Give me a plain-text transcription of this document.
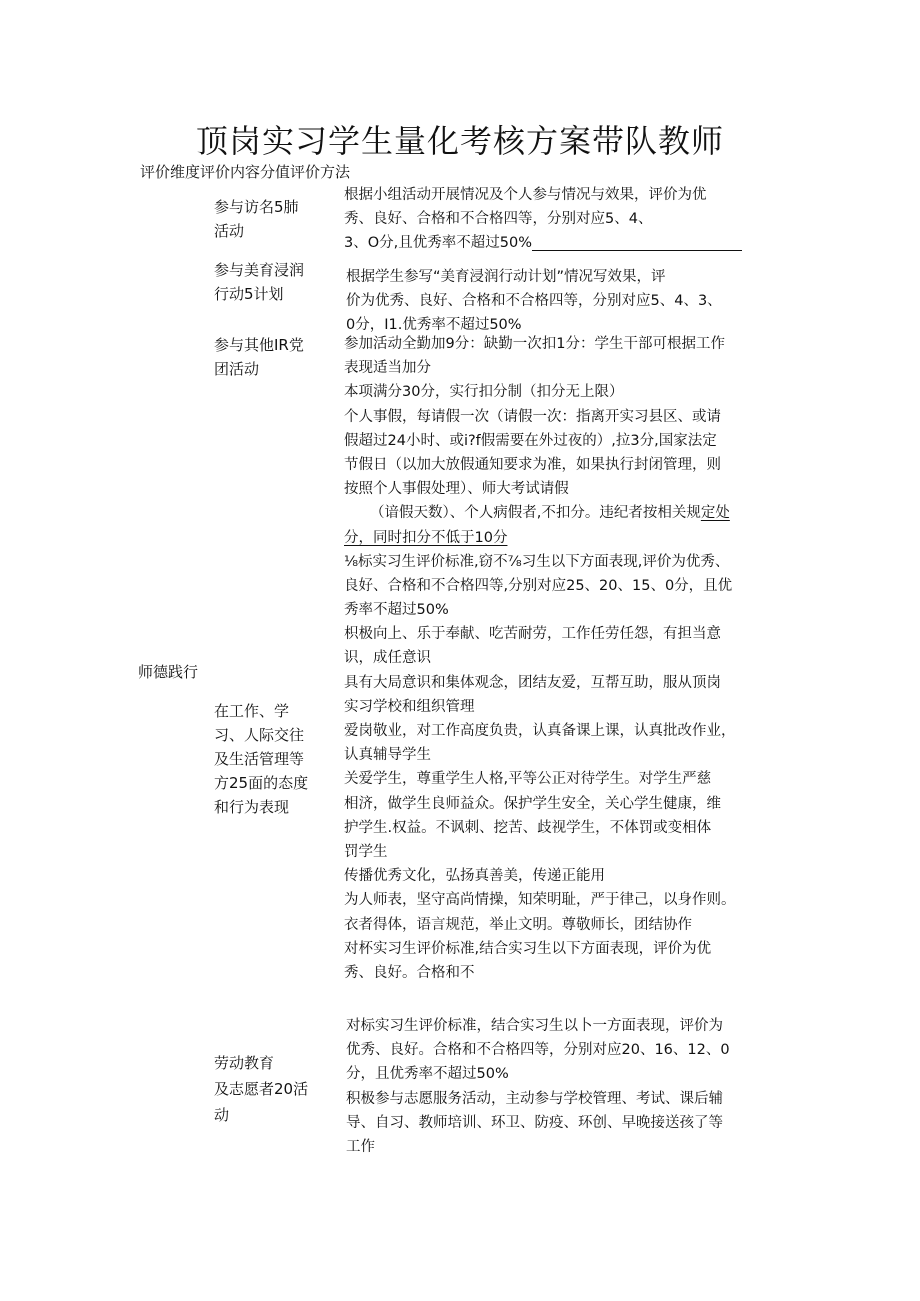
顶岗实习学生量化考核方案带队教师
评价维度评价内容分值评价方法
师德践行
参与访名5肺
活动
参与美育浸润
行动5计划
参与其他IR党
团活动
在工作、学
习、人际交往
及生活管理等
方25面的态度
和行为表现
劳动教育
及志愿者20活
动
根据小组活动开展情况及个人参与情况与效果，评价为优
秀、良好、合格和不合格四等，分别对应5、4、
3、O分,且优秀率不超过50%
根据学生参写“美育浸润行动计划”情况写效果，评
价为优秀、良好、合格和不合格四等，分别对应5、4、3、
0分，I1.优秀率不超过50%
参加活动全勤加9分：缺勤一次扣1分：学生干部可根据工作
表现适当加分
本项满分30分，实行扣分制（扣分无上限）
个人事假，每请假一次（请假一次：指离开实习县区、或请
假超过24小时、或i?f假需要在外过夜的）,拉3分,国家法定
节假日（以加大放假通知要求为准，如果执行封闭管理，则
按照个人事假处理）、师大考试请假
（谙假天数）、个人病假者,不扣分。违纪者按相关规定处
分，同时扣分不低于10分
⅛标实习生评价标准,窃不⅞习生以下方面表现,评价为优秀、
良好、合格和不合格四等,分别对应25、20、15、0分，且优
秀率不超过50%
枳极向上、乐于奉献、吃苦耐劳，工作任劳任怨，有担当意
识，成任意识
具有大局意识和集体观念，团结友爱，互帮互助，服从顶岗
实习学校和组织管理
爱岗敬业，对工作高度负贵，认真备课上课，认真批改作业，
认真辅导学生
关爱学生，尊重学生人格,平等公正对待学生。对学生严慈
相济，做学生良师益众。保护学生安全，关心学生健康，维
护学生.权益。不讽刺、挖苦、歧视学生，不体罚或变相体
罚学生
传播优秀文化，弘扬真善美，传递正能用
为人师表，坚守高尚情操，知荣明耻，严于律己，以身作则。
衣者得体，语言规范，举止文明。尊敬师长，团结协作
对杯实习生评价标准,结合实习生以下方面表现，评价为优
秀、良好。合格和不
对标实习生评价标准，结合实习生以卜一方面表现，评价为
优秀、良好。合格和不合格四等，分别对应20、16、12、0
分，且优秀率不超过50%
积极参与志愿服务活动，主动参与学校管理、考试、课后辅
导、自习、教师培训、环卫、防疫、环创、早晚接送孩了等
工作
